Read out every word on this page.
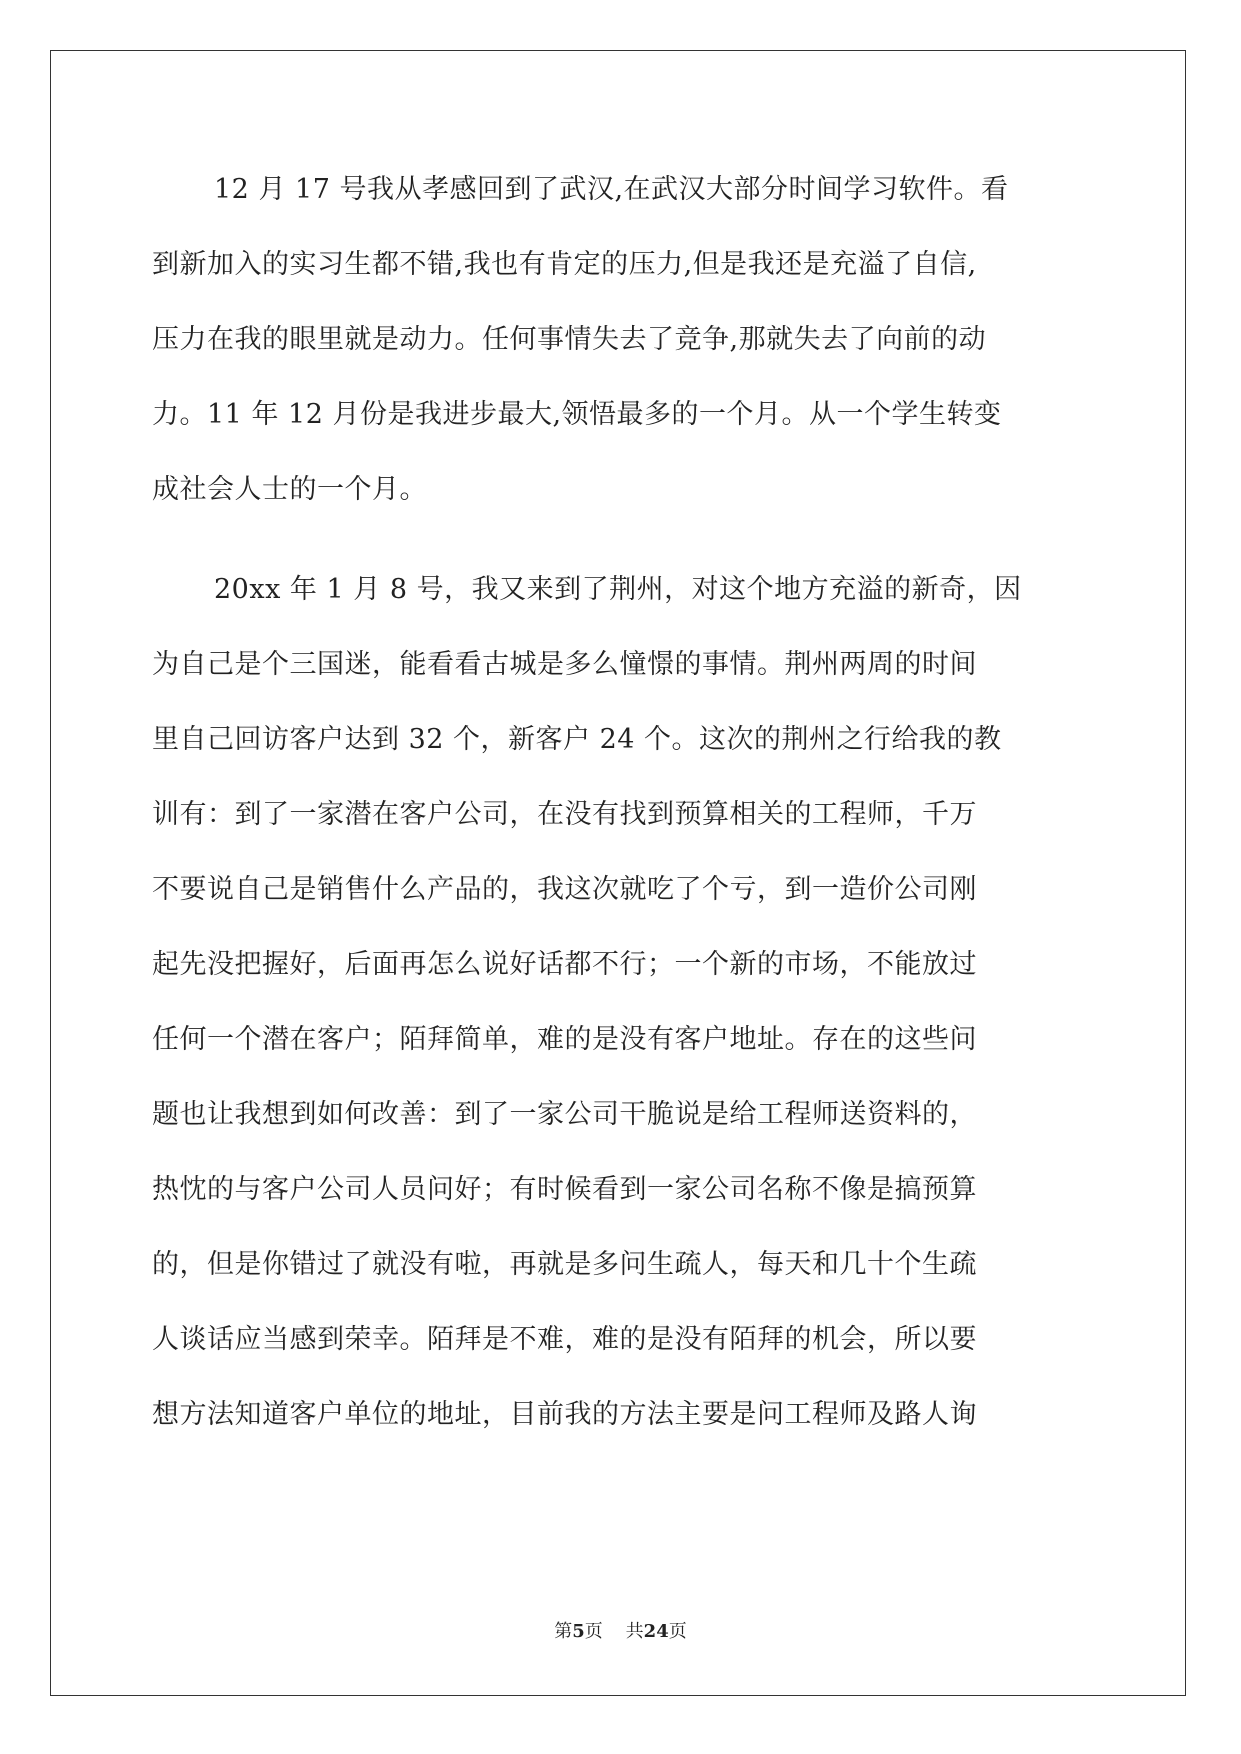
12 月 17 号我从孝感回到了武汉,在武汉大部分时间学习软件。看
到新加入的实习生都不错,我也有肯定的压力,但是我还是充溢了自信,
压力在我的眼里就是动力。任何事情失去了竞争,那就失去了向前的动
力。11 年 12 月份是我进步最大,领悟最多的一个月。从一个学生转变
成社会人士的一个月。
20xx 年 1 月 8 号，我又来到了荆州，对这个地方充溢的新奇，因
为自己是个三国迷，能看看古城是多么憧憬的事情。荆州两周的时间
里自己回访客户达到 32 个，新客户 24 个。这次的荆州之行给我的教
训有：到了一家潜在客户公司，在没有找到预算相关的工程师，千万
不要说自己是销售什么产品的，我这次就吃了个亏，到一造价公司刚
起先没把握好，后面再怎么说好话都不行；一个新的市场，不能放过
任何一个潜在客户；陌拜简单，难的是没有客户地址。存在的这些问
题也让我想到如何改善：到了一家公司干脆说是给工程师送资料的，
热忱的与客户公司人员问好；有时候看到一家公司名称不像是搞预算
的，但是你错过了就没有啦，再就是多问生疏人，每天和几十个生疏
人谈话应当感到荣幸。陌拜是不难，难的是没有陌拜的机会，所以要
想方法知道客户单位的地址，目前我的方法主要是问工程师及路人询
第5页 共24页
